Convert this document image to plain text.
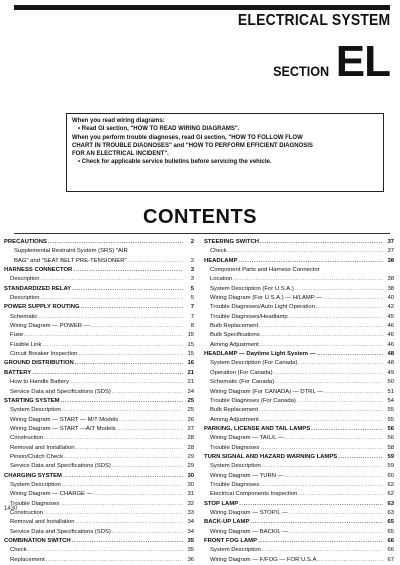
ELECTRICAL SYSTEM
SECTION EL
When you read wiring diagrams:
• Read GI section, "HOW TO READ WIRING DIAGRAMS".
When you perform trouble diagnoses, read GI section, "HOW TO FOLLOW FLOW
CHART IN TROUBLE DIAGNOSES" and "HOW TO PERFORM EFFICIENT DIAGNOSIS
FOR AN ELECTRICAL INCIDENT".
• Check for applicable service bulletins before servicing the vehicle.
CONTENTS
PRECAUTIONS .....	2
Supplemental Restraint System (SRS) "AIR
BAG" and "SEAT BELT PRE-TENSIONER" .....	2
HARNESS CONNECTOR .....	3
Description .....	3
STANDARDIZED RELAY .....	5
Description .....	5
POWER SUPPLY ROUTING .....	7
Schematic .....	7
Wiring Diagram — POWER — .....	8
Fuse .....	15
Fusible Link .....	15
Circuit Breaker Inspection .....	15
GROUND DISTRIBUTION .....	16
BATTERY .....	21
How to Handle Battery .....	21
Service Data and Specifications (SDS) .....	24
STARTING SYSTEM .....	25
System Description .....	25
Wiring Diagram — START — M/T Models .....	26
Wiring Diagram — START —A/T Models .....	27
Construction .....	28
Removal and Installation .....	28
Pinion/Clutch Check .....	29
Service Data and Specifications (SDS) .....	29
CHARGING SYSTEM .....	30
System Description .....	30
Wiring Diagram — CHARGE — .....	31
Trouble Diagnoses .....	32
Construction .....	33
Removal and Installation .....	34
Service Data and Specifications (SDS) .....	34
COMBINATION SWITCH .....	35
Check .....	35
Replacement .....	36
STEERING SWITCH .....	37
Check .....	37
HEADLAMP .....	38
Component Parts and Harness Connector
Location .....	38
System Description (For U.S.A.) .....	38
Wiring Diagram (For U.S.A.) — H/LAMP — .....	40
Trouble Diagnoses/Auto Light Operation .....	42
Trouble Diagnoses/Headlamp .....	45
Bulb Replacement .....	46
Bulb Specifications .....	46
Aiming Adjustment .....	46
HEADLAMP — Daytime Light System — .....	48
System Description (For Canada) .....	48
Operation (For Canada) .....	49
Schematic (For Canada) .....	50
Wiring Diagram (For CANADA) — DTRL — .....	51
Trouble Diagnoses (For Canada) .....	54
Bulb Replacement .....	55
Aiming Adjustment .....	55
PARKING, LICENSE AND TAIL LAMPS .....	56
Wiring Diagram — TAIL/L — .....	56
Trouble Diagnoses .....	58
TURN SIGNAL AND HAZARD WARNING LAMPS .....	59
System Description .....	59
Wiring Diagram — TURN — .....	60
Trouble Diagnoses .....	62
Electrical Components Inspection .....	62
STOP LAMP .....	63
Wiring Diagram — STOP/L — .....	63
BACK-UP LAMP .....	65
Wiring Diagram — BACK/L — .....	65
FRONT FOG LAMP .....	66
System Description .....	66
Wiring Diagram — F/FOG — FOR U.S.A. .....	67
1430
